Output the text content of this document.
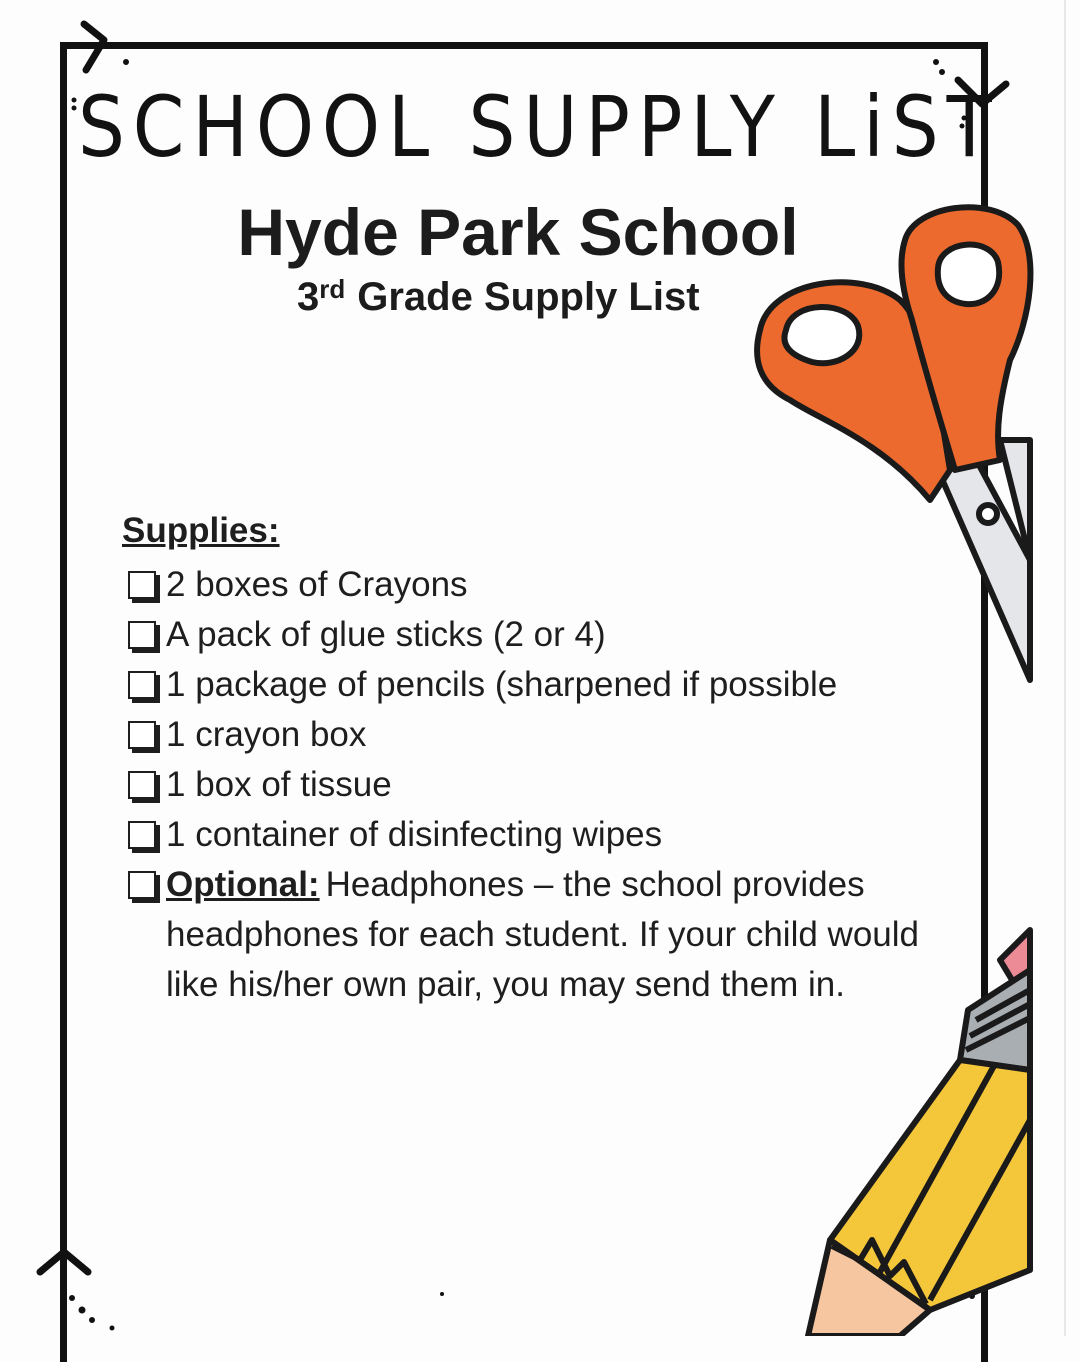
SCHOOL SUPPLY LiST
Hyde Park School
3rd Grade Supply List
Supplies:
2 boxes of Crayons
A pack of glue sticks (2 or 4)
1 package of pencils (sharpened if possible
1 crayon box
1 box of tissue
1 container of disinfecting wipes
Optional: Headphones – the school provides headphones for each student. If your child would like his/her own pair, you may send them in.
